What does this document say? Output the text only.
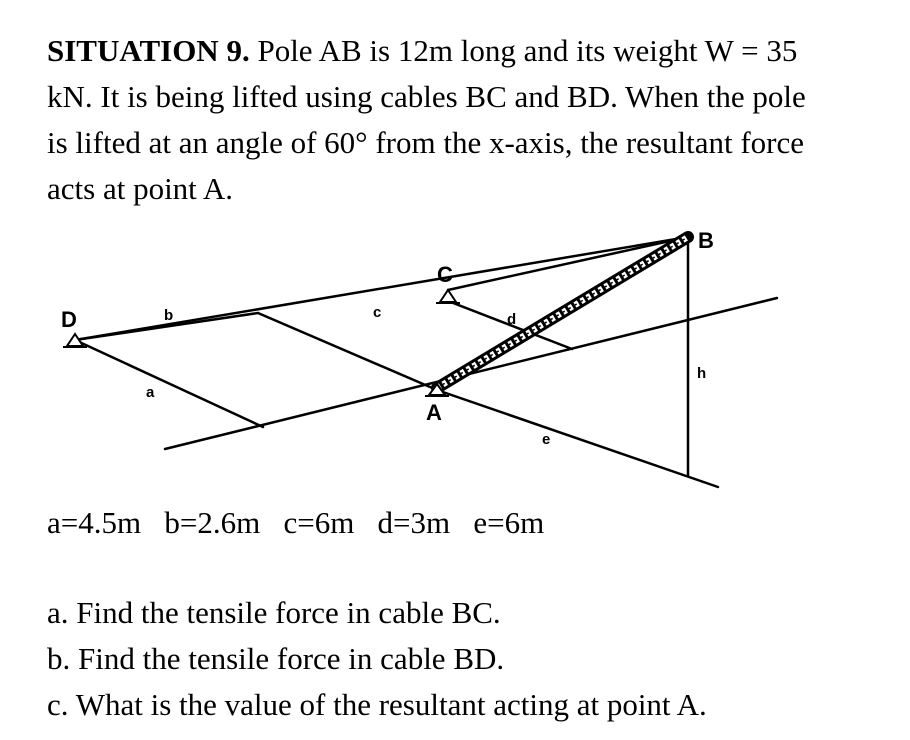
SITUATION 9. Pole AB is 12m long and its weight W = 35 kN. It is being lifted using cables BC and BD. When the pole is lifted at an angle of 60° from the x-axis, the resultant force acts at point A.
D
C
A
B
a
b	c	d
e
h
a=4.5m   b=2.6m   c=6m   d=3m   e=6m
a. Find the tensile force in cable BC.
b. Find the tensile force in cable BD.
c. What is the value of the resultant acting at point A.
